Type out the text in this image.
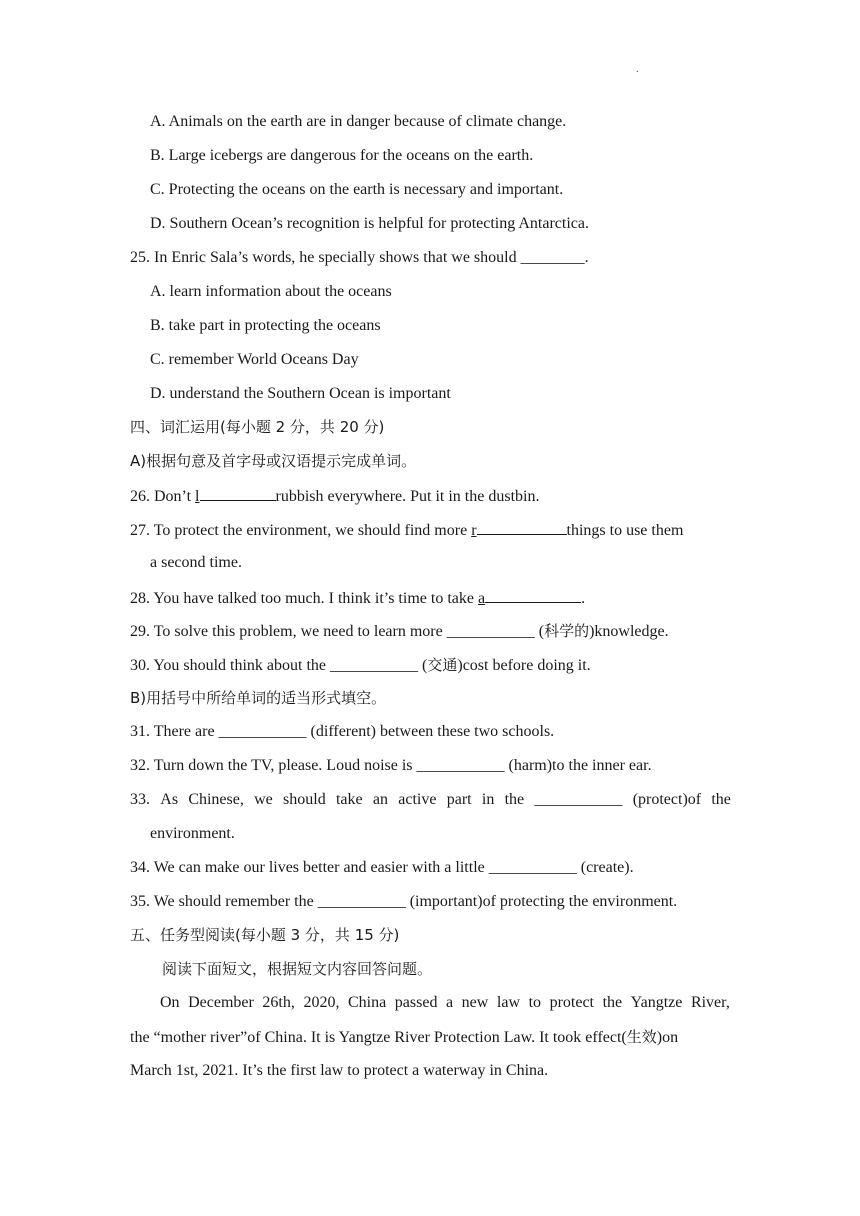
.
A. Animals on the earth are in danger because of climate change.
B. Large icebergs are dangerous for the oceans on the earth.
C. Protecting the oceans on the earth is necessary and important.
D. Southern Ocean’s recognition is helpful for protecting Antarctica.
25. In Enric Sala’s words, he specially shows that we should ________.
A. learn information about the oceans
B. take part in protecting the oceans
C. remember World Oceans Day
D. understand the Southern Ocean is important
四、词汇运用(每小题 2 分，共 20 分)
A)根据句意及首字母或汉语提示完成单词。
26. Don’t l	rubbish everywhere. Put it in the dustbin.
27. To protect the environment, we should find more r	things to use them
a second time.
28. You have talked too much. I think it’s time to take a	.
29. To solve this problem, we need to learn more ___________ (科学的)knowledge.
30. You should think about the ___________ (交通)cost before doing it.
B)用括号中所给单词的适当形式填空。
31. There are ___________ (different) between these two schools.
32. Turn down the TV, please. Loud noise is ___________ (harm)to the inner ear.
33. As Chinese, we should take an active part in the ___________ (protect)of the
environment.
34. We can make our lives better and easier with a little ___________ (create).
35. We should remember the ___________ (important)of protecting the environment.
五、任务型阅读(每小题 3 分，共 15 分)
阅读下面短文，根据短文内容回答问题。
On December 26th, 2020, China passed a new law to protect the Yangtze River,
the “mother river”of China. It is Yangtze River Protection Law. It took effect(生效)on
March 1st, 2021. It’s the first law to protect a waterway in China.
